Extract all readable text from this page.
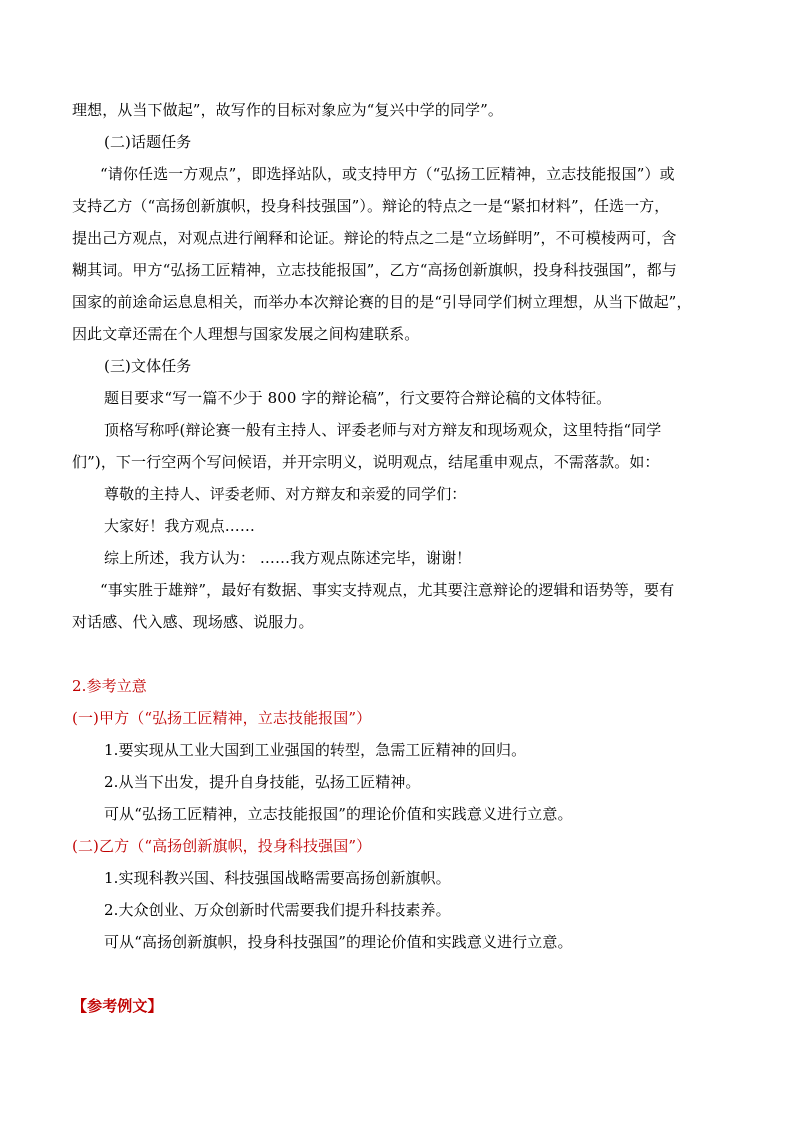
理想，从当下做起”，故写作的目标对象应为“复兴中学的同学”。
(二)话题任务
“请你任选一方观点”，即选择站队，或支持甲方（“弘扬工匠精神，立志技能报国”）或
支持乙方（“高扬创新旗帜，投身科技强国”）。辩论的特点之一是“紧扣材料”，任选一方，
提出己方观点，对观点进行阐释和论证。辩论的特点之二是“立场鲜明”，不可模棱两可，含
糊其词。甲方“弘扬工匠精神，立志技能报国”，乙方“高扬创新旗帜，投身科技强国”，都与
国家的前途命运息息相关，而举办本次辩论赛的目的是“引导同学们树立理想，从当下做起”，
因此文章还需在个人理想与国家发展之间构建联系。
(三)文体任务
题目要求“写一篇不少于 800 字的辩论稿”，行文要符合辩论稿的文体特征。
顶格写称呼(辩论赛一般有主持人、评委老师与对方辩友和现场观众，这里特指“同学
们”)，下一行空两个写问候语，并开宗明义，说明观点，结尾重申观点，不需落款。如：
尊敬的主持人、评委老师、对方辩友和亲爱的同学们：
大家好！我方观点……
综上所述，我方认为： ……我方观点陈述完毕，谢谢！
“事实胜于雄辩”，最好有数据、事实支持观点，尤其要注意辩论的逻辑和语势等，要有
对话感、代入感、现场感、说服力。
2.参考立意
(一)甲方（“弘扬工匠精神，立志技能报国”）
1.要实现从工业大国到工业强国的转型，急需工匠精神的回归。
2.从当下出发，提升自身技能，弘扬工匠精神。
可从“弘扬工匠精神，立志技能报国”的理论价值和实践意义进行立意。
(二)乙方（“高扬创新旗帜，投身科技强国”）
1.实现科教兴国、科技强国战略需要高扬创新旗帜。
2.大众创业、万众创新时代需要我们提升科技素养。
可从“高扬创新旗帜，投身科技强国”的理论价值和实践意义进行立意。
【参考例文】
